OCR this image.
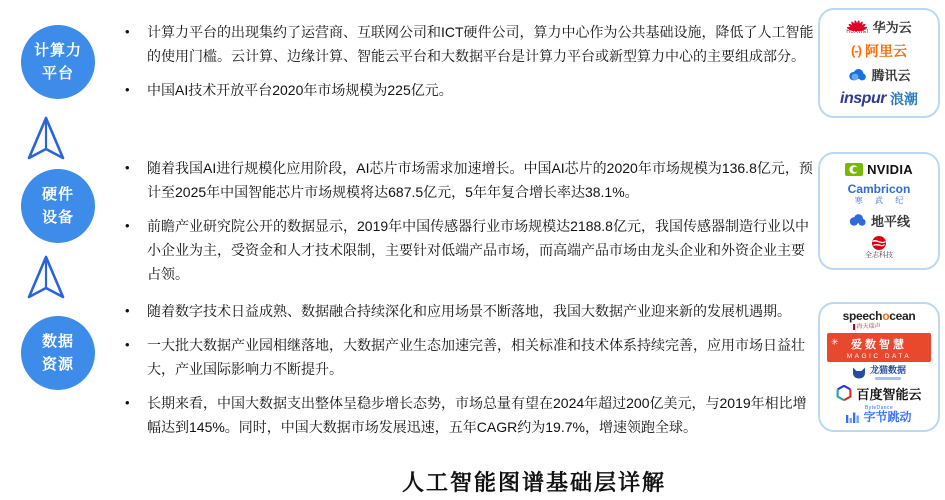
计算力
平台
硬件
设备
数据
资源

• 计算力平台的出现集约了运营商、互联网公司和ICT硬件公司，算力中心作为公共基础设施，降低了人工智能的使用门槛。云计算、边缘计算、智能云平台和大数据平台是计算力平台或新型算力中心的主要组成部分。

• 中国AI技术开放平台2020年市场规模为225亿元。

• 随着我国AI进行规模化应用阶段，AI芯片市场需求加速增长。中国AI芯片的2020年市场规模为136.8亿元，预计至2025年中国智能芯片市场规模将达687.5亿元，5年年复合增长率达38.1%。

• 前瞻产业研究院公开的数据显示，2019年中国传感器行业市场规模达2188.8亿元，我国传感器制造行业以中小企业为主，受资金和人才技术限制，主要针对低端产品市场，而高端产品市场由龙头企业和外资企业主要占领。

• 随着数字技术日益成熟、数据融合持续深化和应用场景不断落地，我国大数据产业迎来新的发展机遇期。

• 一大批大数据产业园相继落地，大数据产业生态加速完善，相关标准和技术体系持续完善，应用市场日益壮大，产业国际影响力不断提升。

• 长期来看，中国大数据支出整体呈稳步增长态势，市场总量有望在2024年超过200亿美元，与2019年相比增幅达到145%。同时，中国大数据市场发展迅速，五年CAGR约为19.7%，增速领跑全球。

HUAWEI 华为云
(-) 阿里云
腾讯云
inspur 浪潮
NVIDIA
Cambricon
寒 武 纪
地平线
全志科技
speechocean
海天瑞声
✳ 爱数智慧
MAGIC DATA
龙猫数据
百度智能云
ByteDance
字节跳动
人工智能图谱基础层详解
